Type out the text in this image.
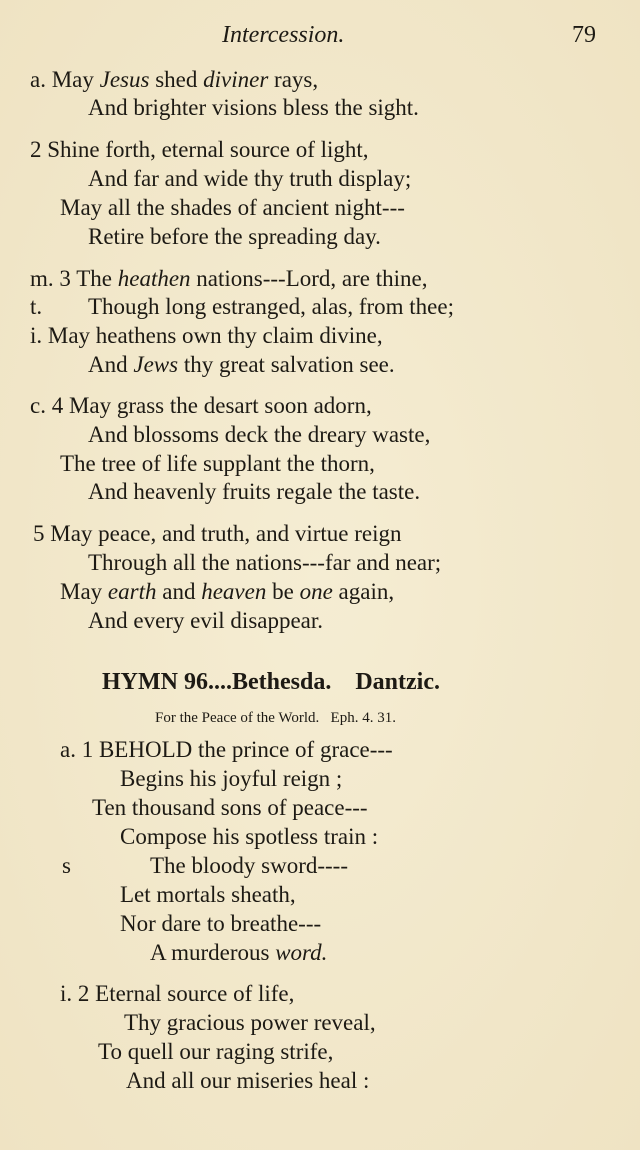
Intercession.	79
a. May Jesus shed diviner rays,
And brighter visions bless the sight.
2 Shine forth, eternal source of light,
And far and wide thy truth display;
May all the shades of ancient night---
Retire before the spreading day.
m. 3 The heathen nations---Lord, are thine,
t. Though long estranged, alas, from thee;
i. May heathens own thy claim divine,
And Jews thy great salvation see.
c. 4 May grass the desart soon adorn,
And blossoms deck the dreary waste,
The tree of life supplant the thorn,
And heavenly fruits regale the taste.
5 May peace, and truth, and virtue reign
Through all the nations---far and near;
May earth and heaven be one again,
And every evil disappear.
HYMN 96....Bethesda.    Dantzic.
For the Peace of the World.   Eph. 4. 31.
a. 1 BEHOLD the prince of grace---
Begins his joyful reign ;
Ten thousand sons of peace---
Compose his spotless train :
s	The bloody sword----
Let mortals sheath,
Nor dare to breathe---
A murderous word.
i. 2 Eternal source of life,
Thy gracious power reveal,
To quell our raging strife,
And all our miseries heal :
